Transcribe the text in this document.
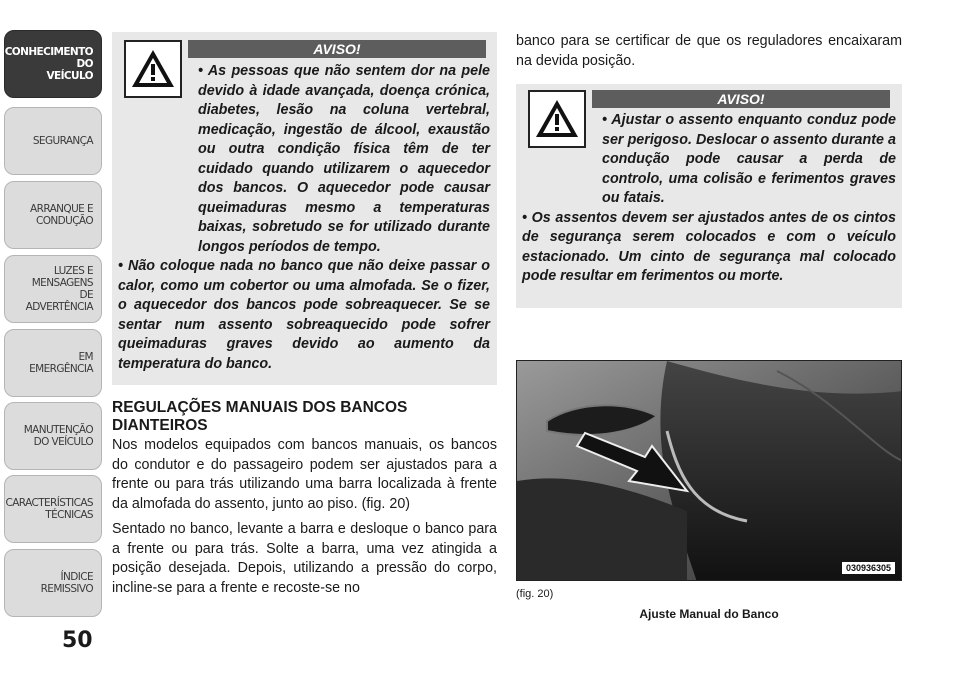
CONHECIMENTO
DO
VEÍCULO
SEGURANÇA
ARRANQUE E
CONDUÇÃO
LUZES E
MENSAGENS
DE
ADVERTÊNCIA
EM
EMERGÊNCIA
MANUTENÇÃO
DO VEÍCULO
CARACTERÍSTICAS
TÉCNICAS
ÍNDICE
REMISSIVO
50
AVISO!

• As pessoas que não sentem dor na pele devido à idade avançada, doença crónica, diabetes, lesão na coluna vertebral, medicação, ingestão de álcool, exaustão ou outra condição física têm de ter cuidado quando utilizarem o aquecedor dos bancos. O aquecedor pode causar queimaduras mesmo a temperaturas baixas, sobretudo se for utilizado durante longos períodos de tempo.

• Não coloque nada no banco que não deixe passar o calor, como um cobertor ou uma almofada. Se o fizer, o aquecedor dos bancos pode sobreaquecer. Se se sentar num assento sobreaquecido pode sofrer queimaduras graves devido ao aumento da temperatura do banco.

REGULAÇÕES MANUAIS DOS BANCOS DIANTEIROS

Nos modelos equipados com bancos manuais, os bancos do condutor e do passageiro podem ser ajustados para a frente ou para trás utilizando uma barra localizada à frente da almofada do assento, junto ao piso. (fig. 20)

Sentado no banco, levante a barra e desloque o banco para a frente ou para trás. Solte a barra, uma vez atingida a posição desejada. Depois, utilizando a pressão do corpo, incline-se para a frente e recoste-se no

banco para se certificar de que os reguladores encaixaram na devida posição.
AVISO!

• Ajustar o assento enquanto conduz pode ser perigoso. Deslocar o assento durante a condução pode causar a perda de controlo, uma colisão e ferimentos graves ou fatais.

• Os assentos devem ser ajustados antes de os cintos de segurança serem colocados e com o veículo estacionado. Um cinto de segurança mal colocado pode resultar em ferimentos ou morte.

030936305
(fig. 20)
Ajuste Manual do Banco
